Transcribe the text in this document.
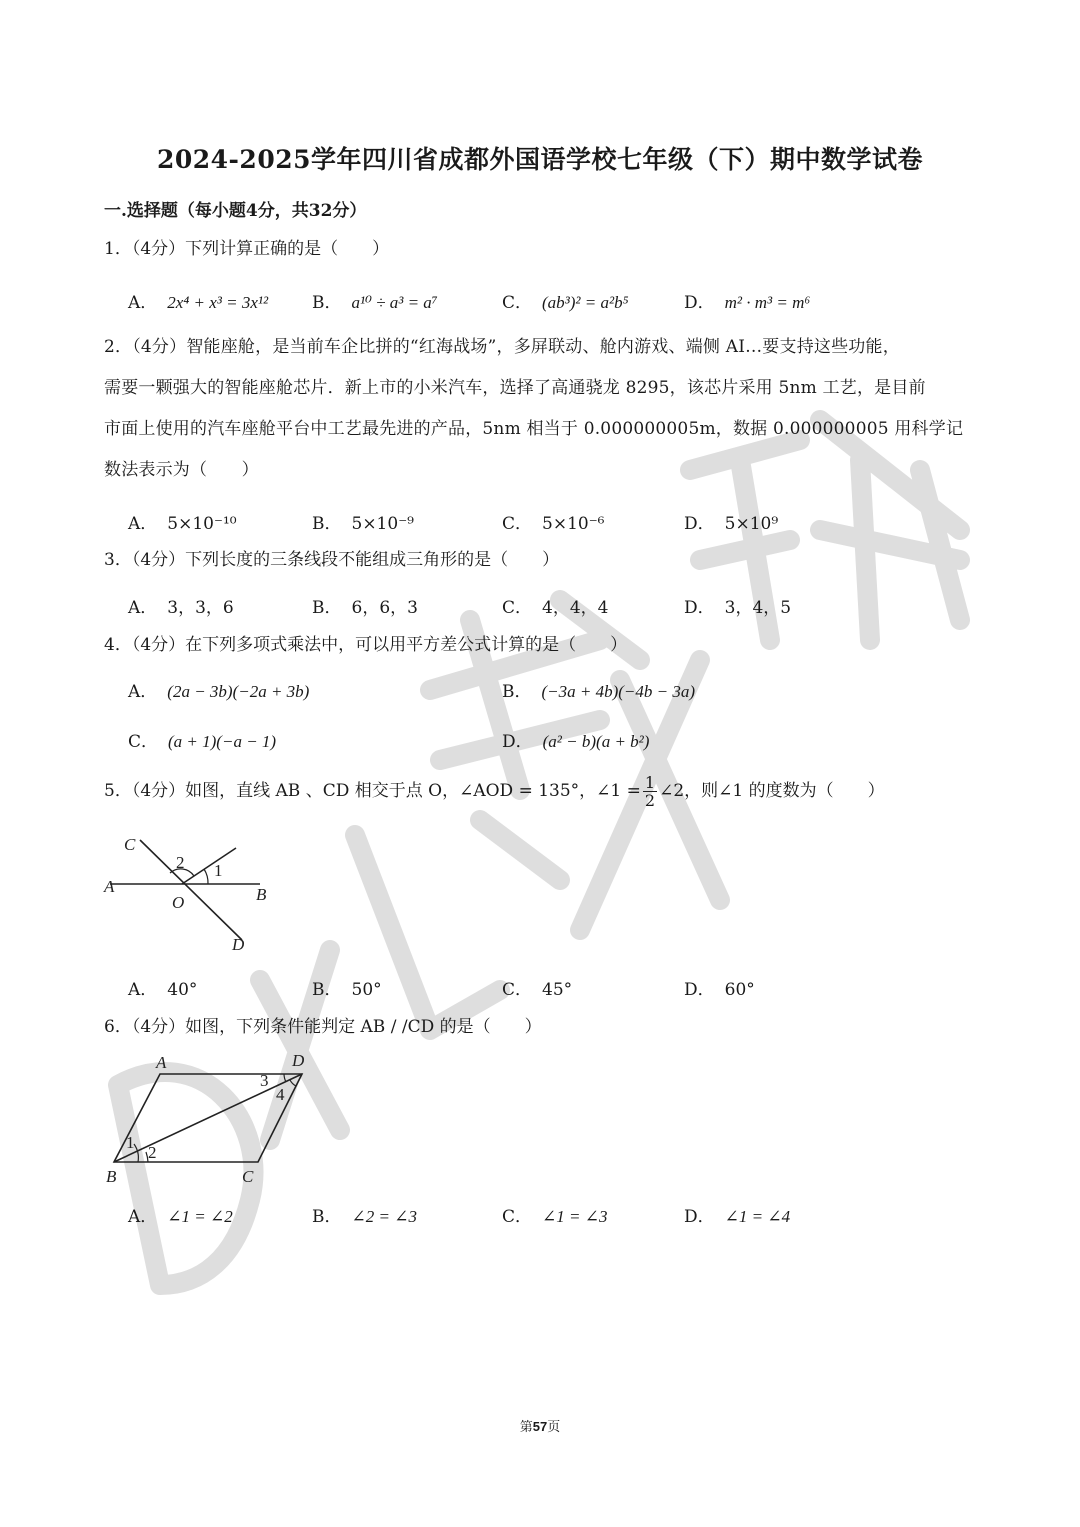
2024-2025学年四川省成都外国语学校七年级（下）期中数学试卷
一.选择题（每小题4分，共32分）
1．（4分）下列计算正确的是（　　）
A． 2x⁴ + x³ = 3x¹²	B． a¹⁰ ÷ a³ = a⁷	C． (ab³)² = a²b⁵	D． m² · m³ = m⁶
2．（4分）智能座舱，是当前车企比拼的“红海战场”，多屏联动、舱内游戏、端侧 AI…要支持这些功能，
需要一颗强大的智能座舱芯片．新上市的小米汽车，选择了高通骁龙 8295，该芯片采用 5nm 工艺，是目前
市面上使用的汽车座舱平台中工艺最先进的产品，5nm 相当于 0.000000005m，数据 0.000000005 用科学记
数法表示为（　　）
A． 5×10⁻¹⁰	B． 5×10⁻⁹	C． 5×10⁻⁶	D． 5×10⁹
3．（4分）下列长度的三条线段不能组成三角形的是（　　）
A． 3，3，6	B． 6，6，3	C． 4，4，4	D． 3，4，5
4．（4分）在下列多项式乘法中，可以用平方差公式计算的是（　　）
A． (2a − 3b)(−2a + 3b)	B． (−3a + 4b)(−4b − 3a)
C． (a + 1)(−a − 1)	D． (a² − b)(a + b²)
5．（4分）如图，直线 AB 、CD 相交于点 O，∠AOD = 135°，∠1 = $\frac{1}{2}$ ∠2，则∠1 的度数为（　　）
C
2 1
A
O	B
D
A． 40°	B． 50°	C． 45°	D． 60°
6．（4分）如图，下列条件能判定 AB / /CD 的是（　　）
A	D
3
4
1
2
B	C
A． ∠1 = ∠2	B． ∠2 = ∠3	C． ∠1 = ∠3	D． ∠1 = ∠4
第57页
